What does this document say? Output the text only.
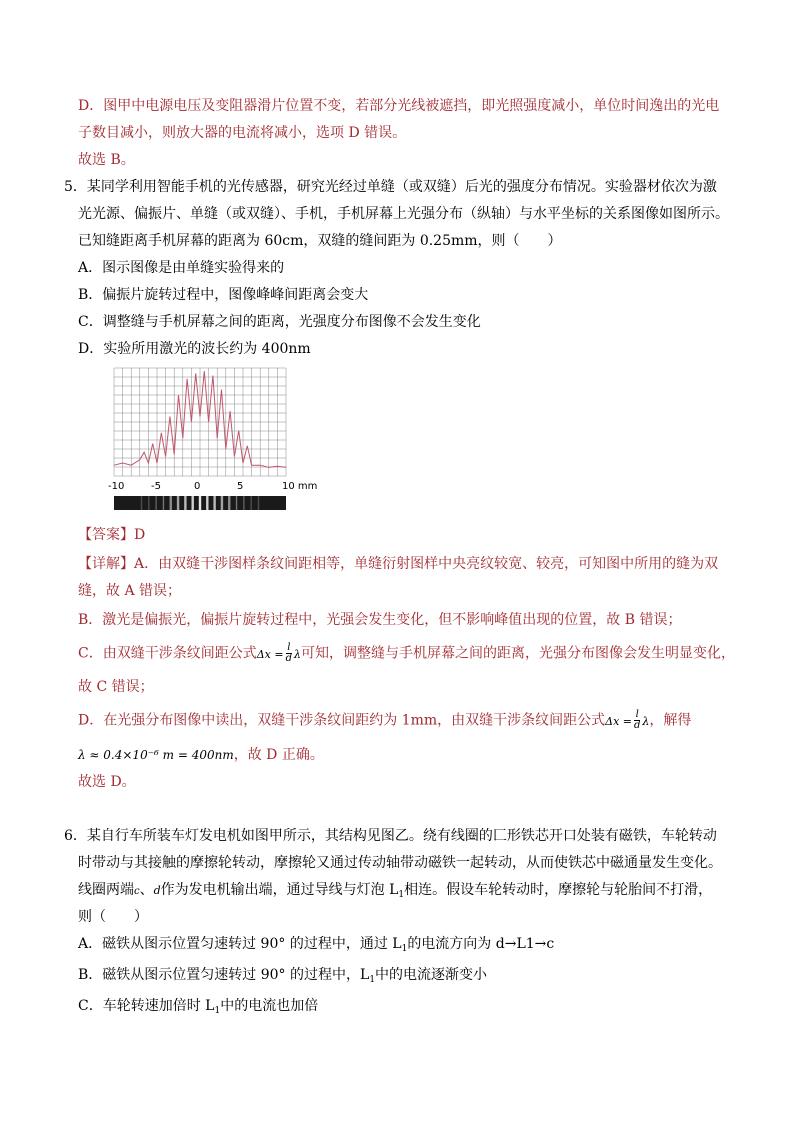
D．图甲中电源电压及变阻器滑片位置不变，若部分光线被遮挡，即光照强度减小，单位时间逸出的光电
子数目减小，则放大器的电流将减小，选项 D 错误。
故选 B。
5．某同学利用智能手机的光传感器，研究光经过单缝（或双缝）后光的强度分布情况。实验器材依次为激
光光源、偏振片、单缝（或双缝）、手机，手机屏幕上光强分布（纵轴）与水平坐标的关系图像如图所示。
已知缝距离手机屏幕的距离为 60cm，双缝的缝间距为 0.25mm，则（　　）
A．图示图像是由单缝实验得来的
B．偏振片旋转过程中，图像峰峰间距离会变大
C．调整缝与手机屏幕之间的距离，光强度分布图像不会发生变化
D．实验所用激光的波长约为 400nm
-10	-5	0	5	10 mm
【答案】D
【详解】A．由双缝干涉图样条纹间距相等，单缝衍射图样中央亮纹较宽、较亮，可知图中所用的缝为双
缝，故 A 错误；
B．激光是偏振光，偏振片旋转过程中，光强会发生变化，但不影响峰值出现的位置，故 B 错误；
C．由双缝干涉条纹间距公式$\Delta x = \frac{l}{d}$ λ可知，调整缝与手机屏幕之间的距离，光强分布图像会发生明显变化，
故 C 错误；
D．在光强分布图像中读出，双缝干涉条纹间距约为 1mm，由双缝干涉条纹间距公式$\Delta x = \frac{l}{d}$ λ，解得
λ ≈ 0.4×10⁻⁶ m = 400nm，故 D 正确。
故选 D。
6．某自行车所装车灯发电机如图甲所示，其结构见图乙。绕有线圈的匚形铁芯开口处装有磁铁，车轮转动
时带动与其接触的摩擦轮转动，摩擦轮又通过传动轴带动磁铁一起转动，从而使铁芯中磁通量发生变化。
线圈两端c、d作为发电机输出端，通过导线与灯泡 $L_1$相连。假设车轮转动时，摩擦轮与轮胎间不打滑，
则（　　）
A．磁铁从图示位置匀速转过 90° 的过程中，通过 $L_1$的电流方向为 d→L1→c
B．磁铁从图示位置匀速转过 90° 的过程中，$L_1$中的电流逐渐变小
C．车轮转速加倍时 $L_1$中的电流也加倍
